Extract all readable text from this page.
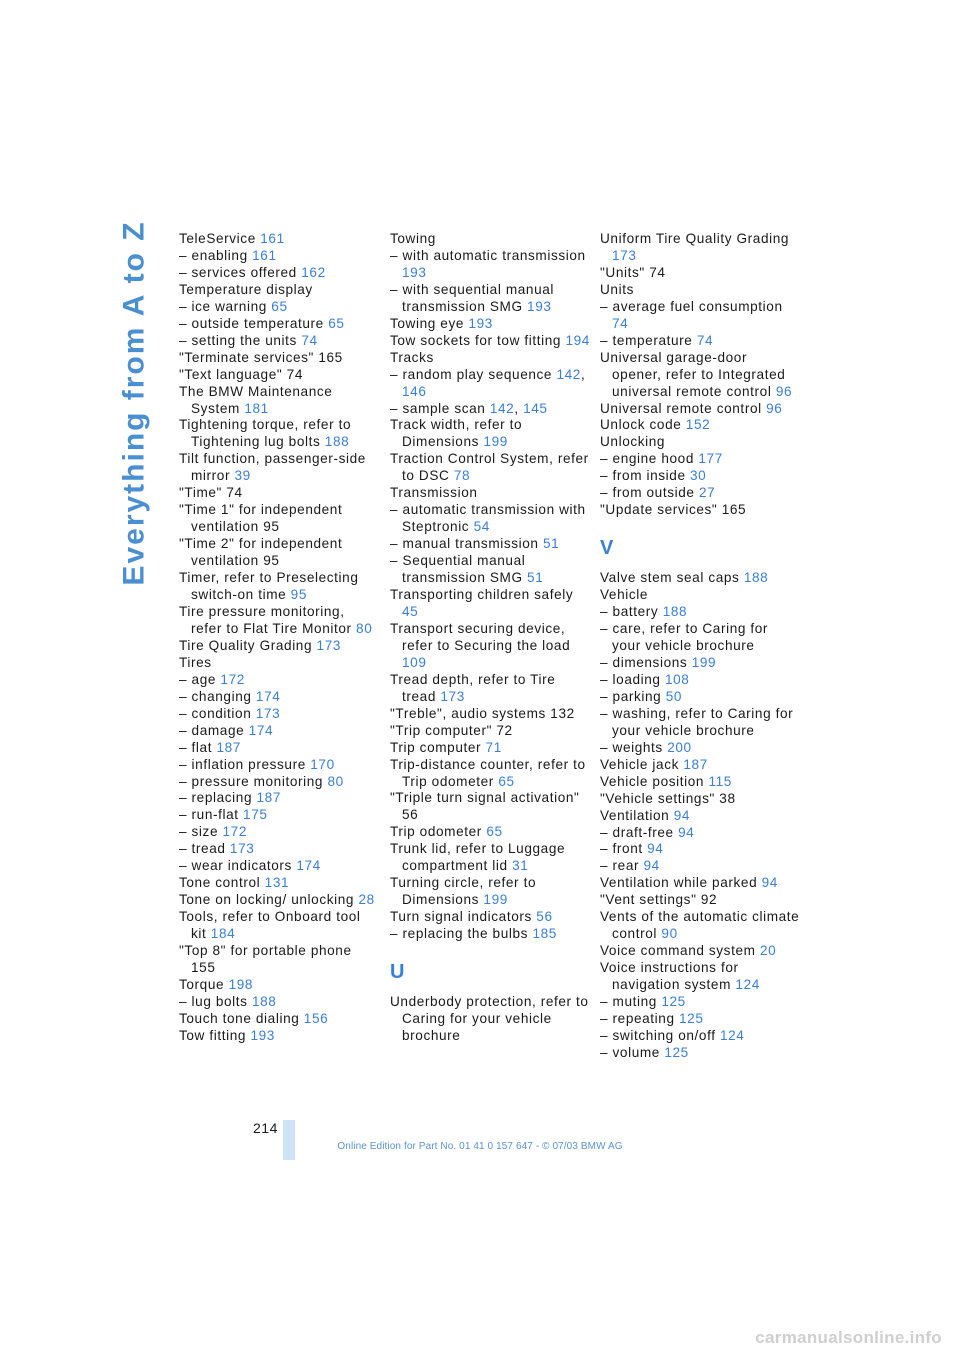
Everything from A to Z TeleService 161
– enabling 161
– services offered 162
Temperature display
– ice warning 65
– outside temperature 65
– setting the units 74
"Terminate services" 165
"Text language" 74
The BMW Maintenance System 181
Tightening torque, refer to Tightening lug bolts 188
Tilt function, passenger-side mirror 39
"Time" 74
"Time 1" for independent ventilation 95
"Time 2" for independent ventilation 95
Timer, refer to Preselecting switch-on time 95
Tire pressure monitoring, refer to Flat Tire Monitor 80
Tire Quality Grading 173
Tires
– age 172
– changing 174
– condition 173
– damage 174
– flat 187
– inflation pressure 170
– pressure monitoring 80
– replacing 187
– run-flat 175
– size 172
– tread 173
– wear indicators 174
Tone control 131
Tone on locking/ unlocking 28
Tools, refer to Onboard tool kit 184
"Top 8" for portable phone 155
Torque 198
– lug bolts 188
Touch tone dialing 156
Tow fitting 193
Towing
– with automatic transmission 193
– with sequential manual transmission SMG 193
Towing eye 193
Tow sockets for tow fitting 194
Tracks
– random play sequence 142, 146
– sample scan 142, 145
Track width, refer to Dimensions 199
Traction Control System, refer to DSC 78
Transmission
– automatic transmission with Steptronic 54
– manual transmission 51
– Sequential manual transmission SMG 51
Transporting children safely 45
Transport securing device, refer to Securing the load 109
Tread depth, refer to Tire tread 173
"Treble", audio systems 132
"Trip computer" 72
Trip computer 71
Trip-distance counter, refer to Trip odometer 65
"Triple turn signal activation" 56
Trip odometer 65
Trunk lid, refer to Luggage compartment lid 31
Turning circle, refer to Dimensions 199
Turn signal indicators 56
– replacing the bulbs 185
U
Underbody protection, refer to Caring for your vehicle brochure
Uniform Tire Quality Grading 173
"Units" 74
Units
– average fuel consumption 74
– temperature 74
Universal garage-door opener, refer to Integrated universal remote control 96
Universal remote control 96
Unlock code 152
Unlocking
– engine hood 177
– from inside 30
– from outside 27
"Update services" 165
V
Valve stem seal caps 188
Vehicle
– battery 188
– care, refer to Caring for your vehicle brochure
– dimensions 199
– loading 108
– parking 50
– washing, refer to Caring for your vehicle brochure
– weights 200
Vehicle jack 187
Vehicle position 115
"Vehicle settings" 38
Ventilation 94
– draft-free 94
– front 94
– rear 94
Ventilation while parked 94
"Vent settings" 92
Vents of the automatic climate control 90
Voice command system 20
Voice instructions for navigation system 124
– muting 125
– repeating 125
– switching on/off 124
– volume 125
214
Online Edition for Part No. 01 41 0 157 647 - © 07/03 BMW AG
carmanualsonline.info
